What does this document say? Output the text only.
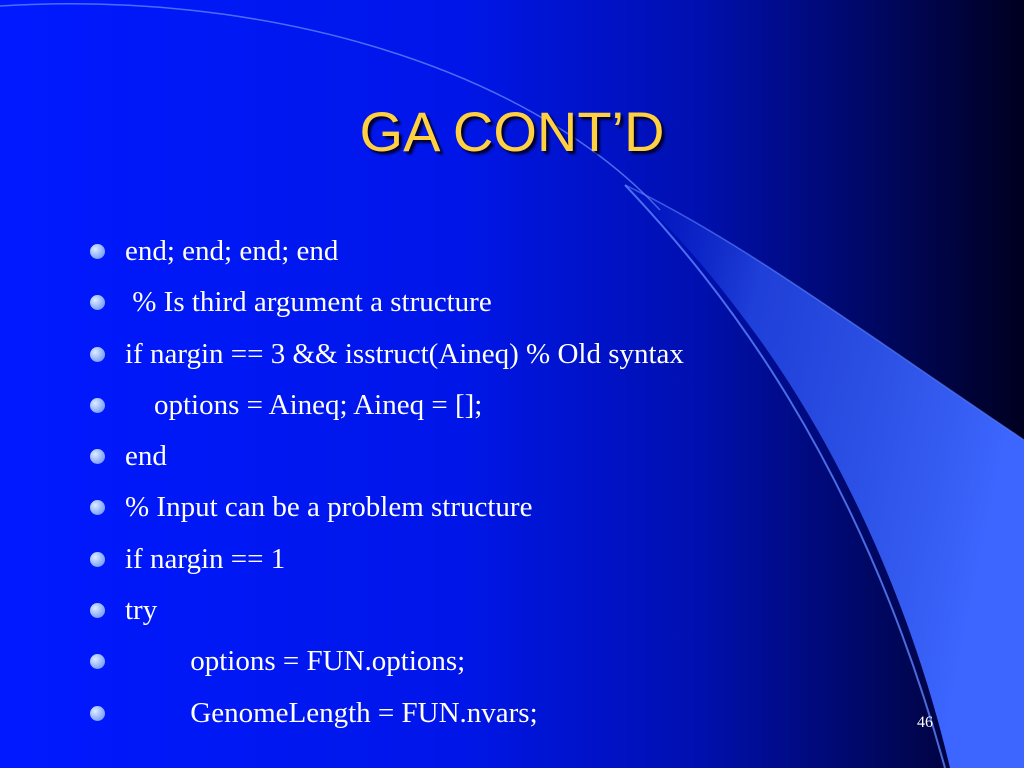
GA CONT’D
end; end; end; end
% Is third argument a structure
if nargin == 3 && isstruct(Aineq) % Old syntax
options = Aineq; Aineq = [];
end
% Input can be a problem structure
if nargin == 1
try
options = FUN.options;
GenomeLength = FUN.nvars;	46
